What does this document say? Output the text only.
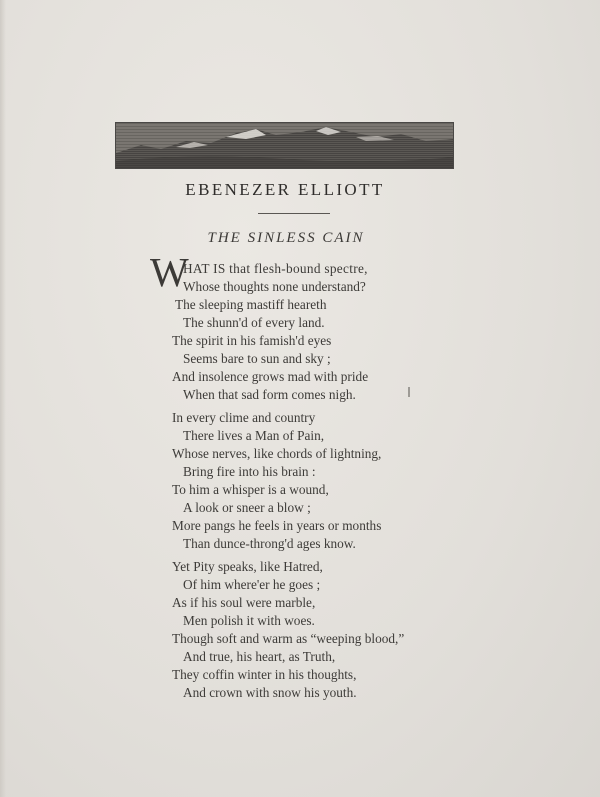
EBENEZER ELLIOTT
THE SINLESS CAIN
W
HAT IS that flesh-bound spectre,
Whose thoughts none understand?
The sleeping mastiff heareth
The shunn'd of every land.
The spirit in his famish'd eyes
Seems bare to sun and sky ;
And insolence grows mad with pride
When that sad form comes nigh.
In every clime and country
There lives a Man of Pain,
Whose nerves, like chords of lightning,
Bring fire into his brain :
To him a whisper is a wound,
A look or sneer a blow ;
More pangs he feels in years or months
Than dunce-throng'd ages know.
Yet Pity speaks, like Hatred,
Of him where'er he goes ;
As if his soul were marble,
Men polish it with woes.
Though soft and warm as “weeping blood,”
And true, his heart, as Truth,
They coffin winter in his thoughts,
And crown with snow his youth.
